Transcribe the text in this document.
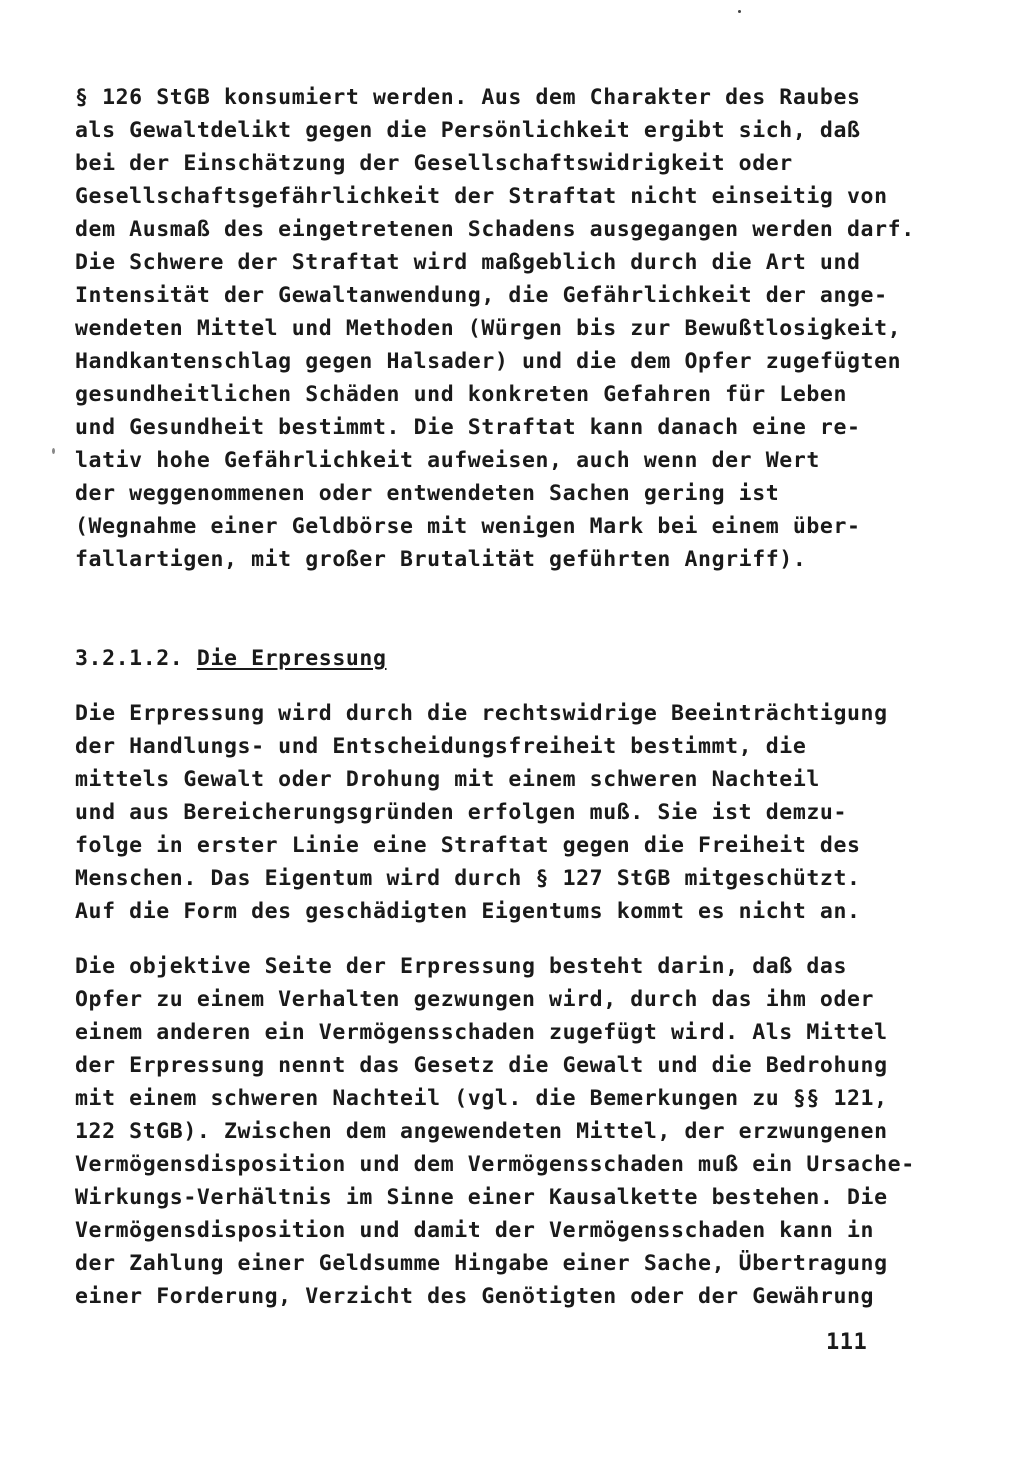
§ 126 StGB konsumiert werden. Aus dem Charakter des Raubes
als Gewaltdelikt gegen die Persönlichkeit ergibt sich, daß
bei der Einschätzung der Gesellschaftswidrigkeit oder
Gesellschaftsgefährlichkeit der Straftat nicht einseitig von
dem Ausmaß des eingetretenen Schadens ausgegangen werden darf.
Die Schwere der Straftat wird maßgeblich durch die Art und
Intensität der Gewaltanwendung, die Gefährlichkeit der ange-
wendeten Mittel und Methoden (Würgen bis zur Bewußtlosigkeit,
Handkantenschlag gegen Halsader) und die dem Opfer zugefügten
gesundheitlichen Schäden und konkreten Gefahren für Leben
und Gesundheit bestimmt. Die Straftat kann danach eine re-
lativ hohe Gefährlichkeit aufweisen, auch wenn der Wert
der weggenommenen oder entwendeten Sachen gering ist
(Wegnahme einer Geldbörse mit wenigen Mark bei einem über-
fallartigen, mit großer Brutalität geführten Angriff).
3.2.1.2. Die Erpressung
Die Erpressung wird durch die rechtswidrige Beeinträchtigung
der Handlungs- und Entscheidungsfreiheit bestimmt, die
mittels Gewalt oder Drohung mit einem schweren Nachteil
und aus Bereicherungsgründen erfolgen muß. Sie ist demzu-
folge in erster Linie eine Straftat gegen die Freiheit des
Menschen. Das Eigentum wird durch § 127 StGB mitgeschützt.
Auf die Form des geschädigten Eigentums kommt es nicht an.
Die objektive Seite der Erpressung besteht darin, daß das
Opfer zu einem Verhalten gezwungen wird, durch das ihm oder
einem anderen ein Vermögensschaden zugefügt wird. Als Mittel
der Erpressung nennt das Gesetz die Gewalt und die Bedrohung
mit einem schweren Nachteil (vgl. die Bemerkungen zu §§ 121,
122 StGB). Zwischen dem angewendeten Mittel, der erzwungenen
Vermögensdisposition und dem Vermögensschaden muß ein Ursache-
Wirkungs-Verhältnis im Sinne einer Kausalkette bestehen. Die
Vermögensdisposition und damit der Vermögensschaden kann in
der Zahlung einer Geldsumme Hingabe einer Sache, Übertragung
einer Forderung, Verzicht des Genötigten oder der Gewährung
111
